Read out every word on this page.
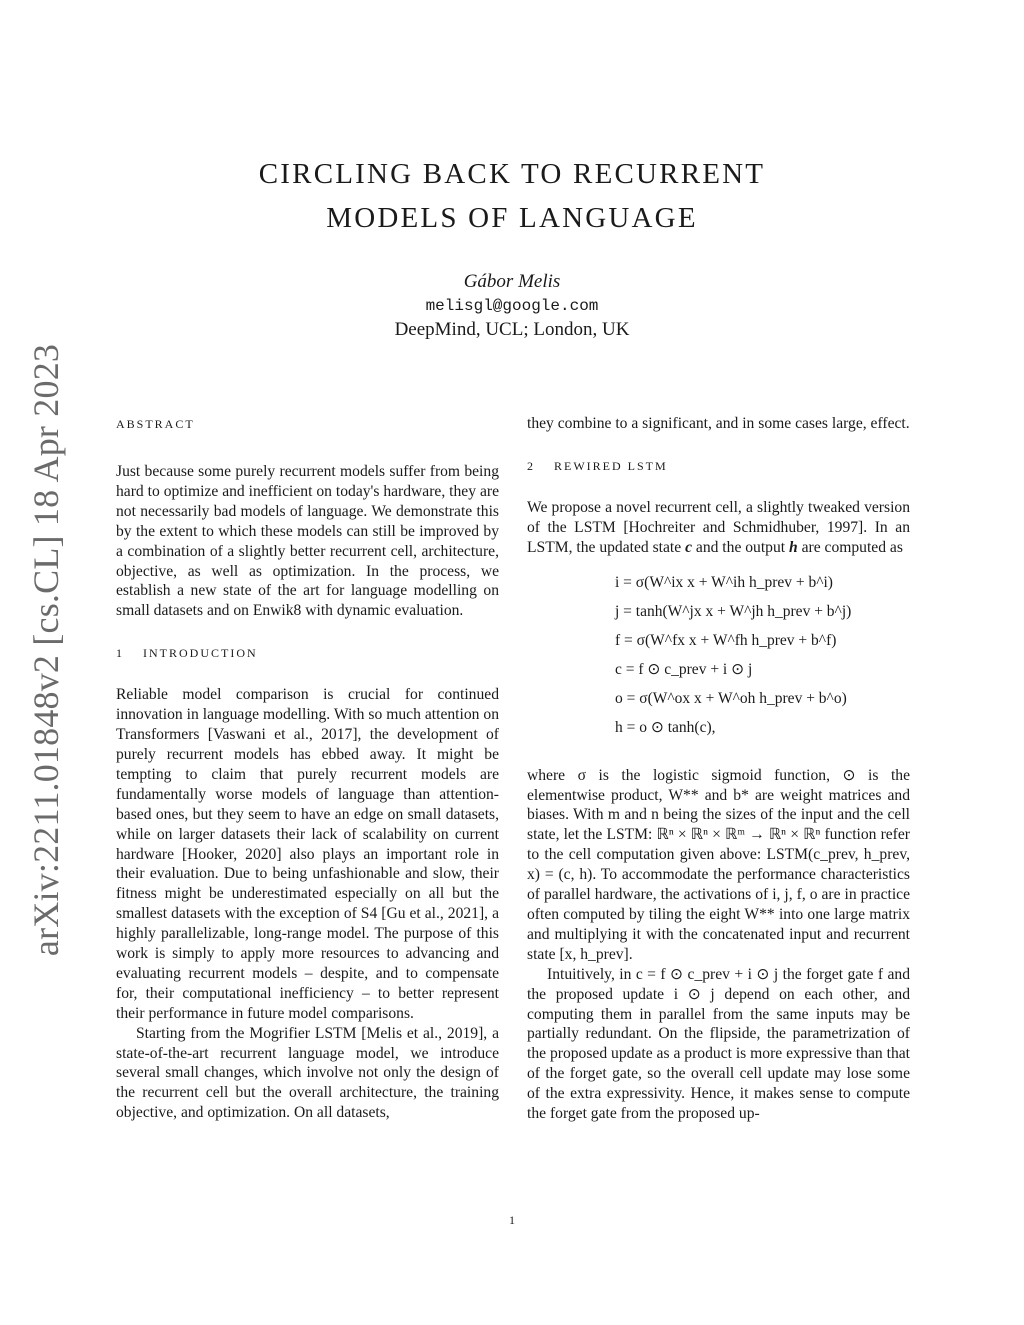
arXiv:2211.01848v2 [cs.CL] 18 Apr 2023
CIRCLING BACK TO RECURRENT
MODELS OF LANGUAGE
Gábor Melis
melisgl@google.com
DeepMind, UCL; London, UK
ABSTRACT

Just because some purely recurrent models suffer from being hard to optimize and inefficient on today's hardware, they are not necessarily bad models of language. We demonstrate this by the extent to which these models can still be improved by a combination of a slightly better recurrent cell, architecture, objective, as well as optimization. In the process, we establish a new state of the art for language modelling on small datasets and on Enwik8 with dynamic evaluation.

1 INTRODUCTION

Reliable model comparison is crucial for continued innovation in language modelling. With so much attention on Transformers [Vaswani et al., 2017], the development of purely recurrent models has ebbed away. It might be tempting to claim that purely recurrent models are fundamentally worse models of language than attention-based ones, but they seem to have an edge on small datasets, while on larger datasets their lack of scalability on current hardware [Hooker, 2020] also plays an important role in their evaluation. Due to being unfashionable and slow, their fitness might be underestimated especially on all but the smallest datasets with the exception of S4 [Gu et al., 2021], a highly parallelizable, long-range model. The purpose of this work is simply to apply more resources to advancing and evaluating recurrent models – despite, and to compensate for, their computational inefficiency – to better represent their performance in future model comparisons.

Starting from the Mogrifier LSTM [Melis et al., 2019], a state-of-the-art recurrent language model, we introduce several small changes, which involve not only the design of the recurrent cell but the overall architecture, the training objective, and optimization. On all datasets,

they combine to a significant, and in some cases large, effect.

2 REWIRED LSTM

We propose a novel recurrent cell, a slightly tweaked version of the LSTM [Hochreiter and Schmidhuber, 1997]. In an LSTM, the updated state c and the output h are computed as

i = σ(W^ix x + W^ih h_prev + b^i)
j = tanh(W^jx x + W^jh h_prev + b^j)
f = σ(W^fx x + W^fh h_prev + b^f)
c = f ⊙ c_prev + i ⊙ j
o = σ(W^ox x + W^oh h_prev + b^o)
h = o ⊙ tanh(c),

where σ is the logistic sigmoid function, ⊙ is the elementwise product, W** and b* are weight matrices and biases. With m and n being the sizes of the input and the cell state, let the LSTM: ℝⁿ × ℝⁿ × ℝᵐ → ℝⁿ × ℝⁿ function refer to the cell computation given above: LSTM(c_prev, h_prev, x) = (c, h). To accommodate the performance characteristics of parallel hardware, the activations of i, j, f, o are in practice often computed by tiling the eight W** into one large matrix and multiplying it with the concatenated input and recurrent state [x, h_prev].

Intuitively, in c = f ⊙ c_prev + i ⊙ j the forget gate f and the proposed update i ⊙ j depend on each other, and computing them in parallel from the same inputs may be partially redundant. On the flipside, the parametrization of the proposed update as a product is more expressive than that of the forget gate, so the overall cell update may lose some of the extra expressivity. Hence, it makes sense to compute the forget gate from the proposed up-

1
